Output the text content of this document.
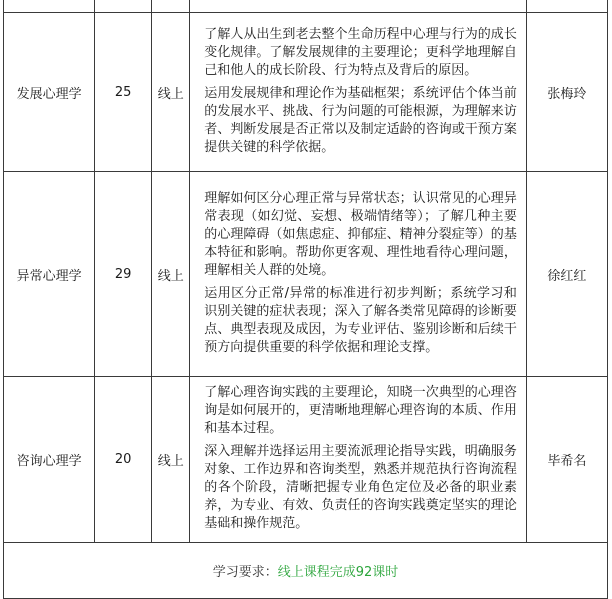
发展心理学	25	线上	了解人从出生到老去整个生命历程中心理与行为的成长变化规律。了解发展规律的主要理论；更科学地理解自己和他人的成长阶段、行为特点及背后的原因。

运用发展规律和理论作为基础框架；系统评估个体当前的发展水平、挑战、行为问题的可能根源，为理解来访者、判断发展是否正常以及制定适龄的咨询或干预方案提供关键的科学依据。	张梅玲
异常心理学	29	线上	理解如何区分心理正常与异常状态；认识常见的心理异常表现（如幻觉、妄想、极端情绪等）；了解几种主要的心理障碍（如焦虑症、抑郁症、精神分裂症等）的基本特征和影响。帮助你更客观、理性地看待心理问题，理解相关人群的处境。

运用区分正常/异常的标准进行初步判断；系统学习和识别关键的症状表现；深入了解各类常见障碍的诊断要点、典型表现及成因，为专业评估、鉴别诊断和后续干预方向提供重要的科学依据和理论支撑。	徐红红
咨询心理学	20	线上	了解心理咨询实践的主要理论，知晓一次典型的心理咨询是如何展开的，更清晰地理解心理咨询的本质、作用和基本过程。

深入理解并选择运用主要流派理论指导实践，明确服务对象、工作边界和咨询类型，熟悉并规范执行咨询流程的各个阶段，清晰把握专业角色定位及必备的职业素养，为专业、有效、负责任的咨询实践奠定坚实的理论基础和操作规范。	毕希名
学习要求：线上课程完成92课时				
